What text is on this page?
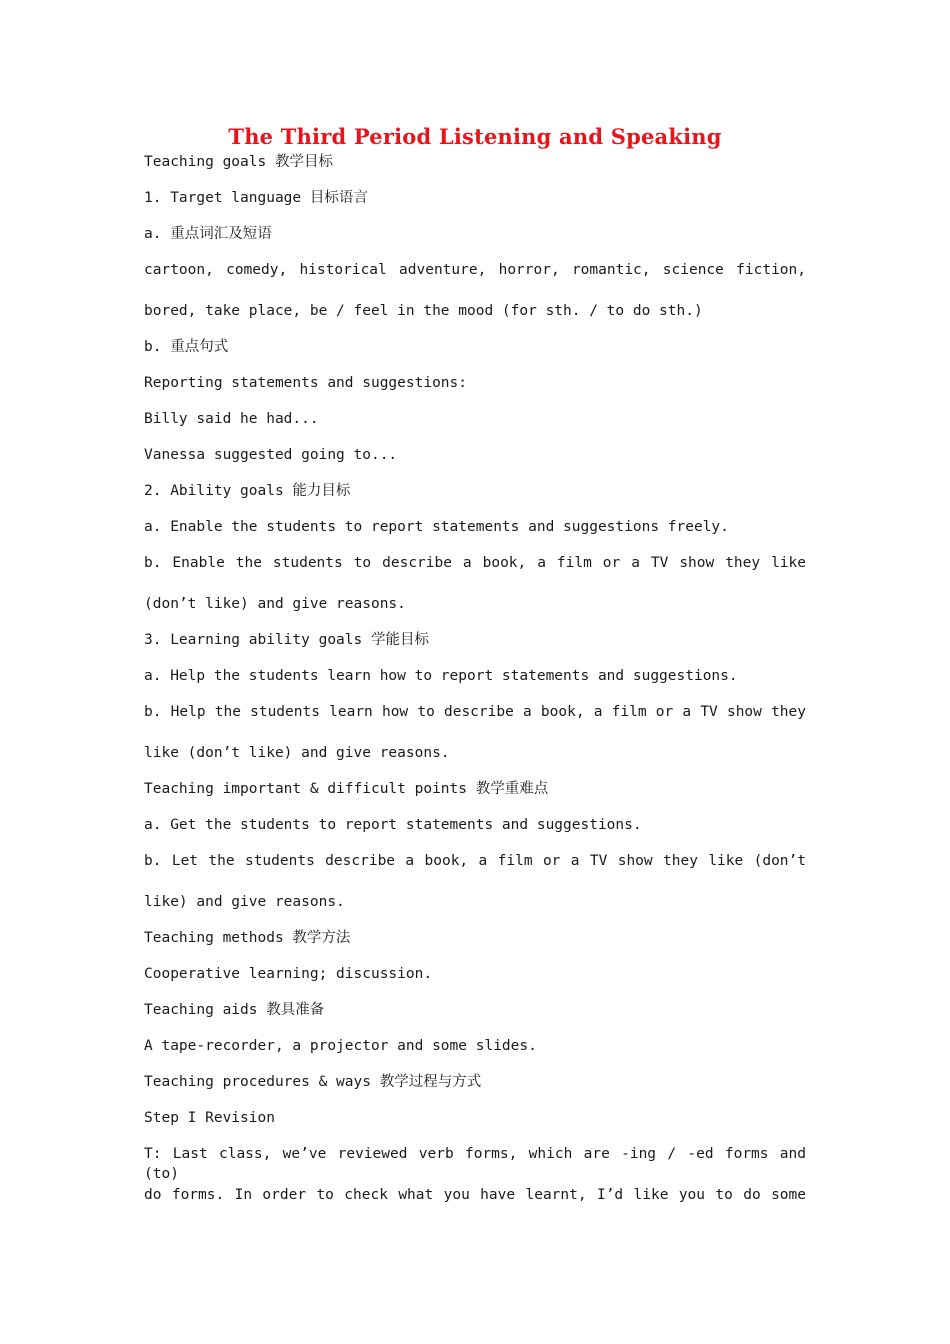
The Third Period Listening and Speaking

Teaching goals 教学目标

1. Target language 目标语言

a. 重点词汇及短语

cartoon, comedy, historical adventure, horror, romantic, science fiction,

bored, take place, be / feel in the mood (for sth. / to do sth.)

b. 重点句式

Reporting statements and suggestions:

Billy said he had...

Vanessa suggested going to...

2. Ability goals 能力目标

a. Enable the students to report statements and suggestions freely.

b. Enable the students to describe a book, a film or a TV show they like

(don’t like) and give reasons.

3. Learning ability goals 学能目标

a. Help the students learn how to report statements and suggestions.

b. Help the students learn how to describe a book, a film or a TV show they

like (don’t like) and give reasons.

Teaching important & difficult points 教学重难点

a. Get the students to report statements and suggestions.

b. Let the students describe a book, a film or a TV show they like (don’t

like) and give reasons.

Teaching methods 教学方法

Cooperative learning; discussion.

Teaching aids 教具准备

A tape-recorder, a projector and some slides.

Teaching procedures & ways 教学过程与方式

Step I Revision

T: Last class, we’ve reviewed verb forms, which are -ing / -ed forms and (to)

do forms. In order to check what you have learnt, I’d like you to do some
